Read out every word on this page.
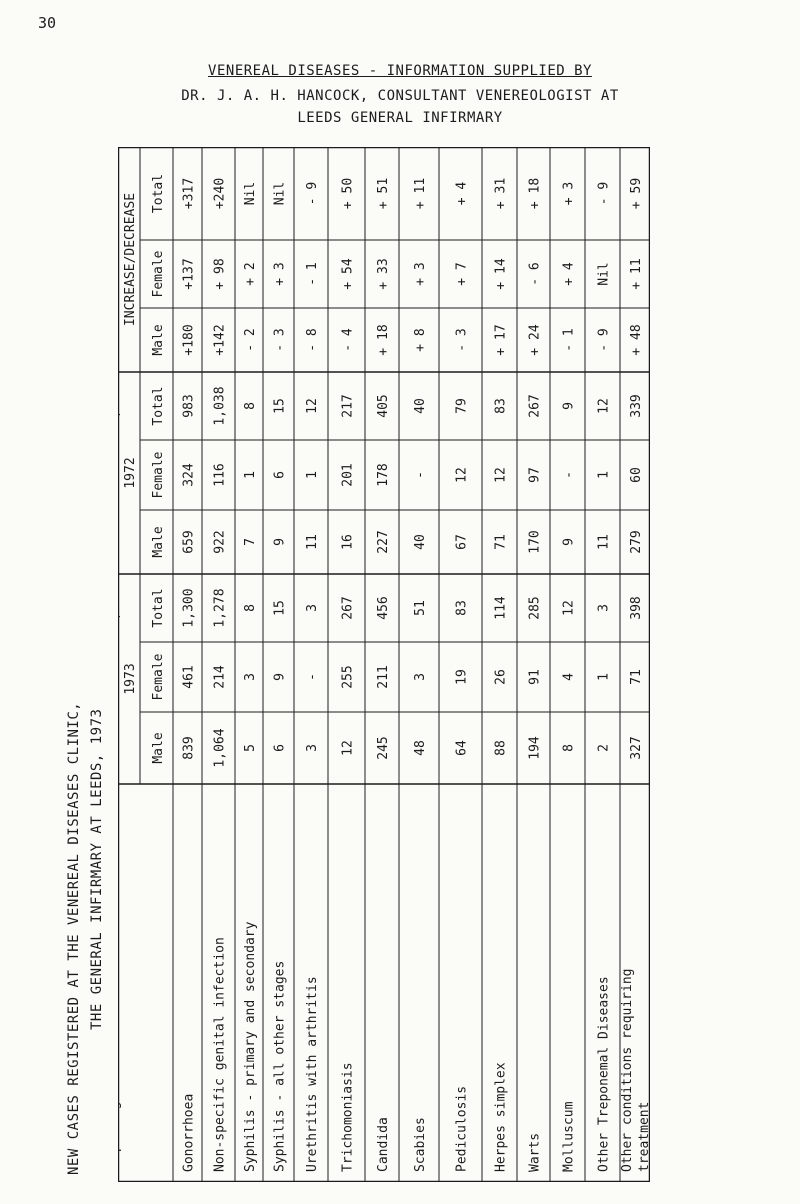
30
VENEREAL DISEASES - INFORMATION SUPPLIED BY
DR. J. A. H. HANCOCK, CONSULTANT VENEREOLOGIST AT
LEEDS GENERAL INFIRMARY
NEW CASES REGISTERED AT THE VENEREAL DISEASES CLINIC, THE GENERAL INFIRMARY AT LEEDS, 1973
1973
1972
INCREASE/DECREASE
Male
Female
Total
Male
Female
Total
Male
Female
Total
Gonorrhoea
839
461
1,300
659
324
983
+180
+137
+317
Non-specific genital infection
1,064
214
1,278
922
116
1,038
+142
+ 98
+240
Syphilis - primary and secondary
5
3
8
7
1
8
- 2
+ 2
Nil
Syphilis - all other stages
6
9
15
9
6
15
- 3
+ 3
Nil
Urethritis with arthritis
3
-
3
11
1
12
- 8
- 1
- 9
Trichomoniasis
12
255
267
16
201
217
- 4
+ 54
+ 50
Candida
245
211
456
227
178
405
+ 18
+ 33
+ 51
Scabies
48
3
51
40
-
40
+ 8
+ 3
+ 11
Pediculosis
64
19
83
67
12
79
- 3
+ 7
+ 4
Herpes simplex
88
26
114
71
12
83
+ 17
+ 14
+ 31
Warts
194
91
285
170
97
267
+ 24
- 6
+ 18
Molluscum
8
4
12
9
-
9
- 1
+ 4
+ 3
Other Treponemal Diseases
2
1
3
11
1
12
- 9
Nil
- 9
Other conditions requiring treatment
327
71
398
279
60
339
+ 48
+ 11
+ 59
Other conditions NOT
requiring treatment
962
632
1,594
938
519
1,457
24
+113
+137
